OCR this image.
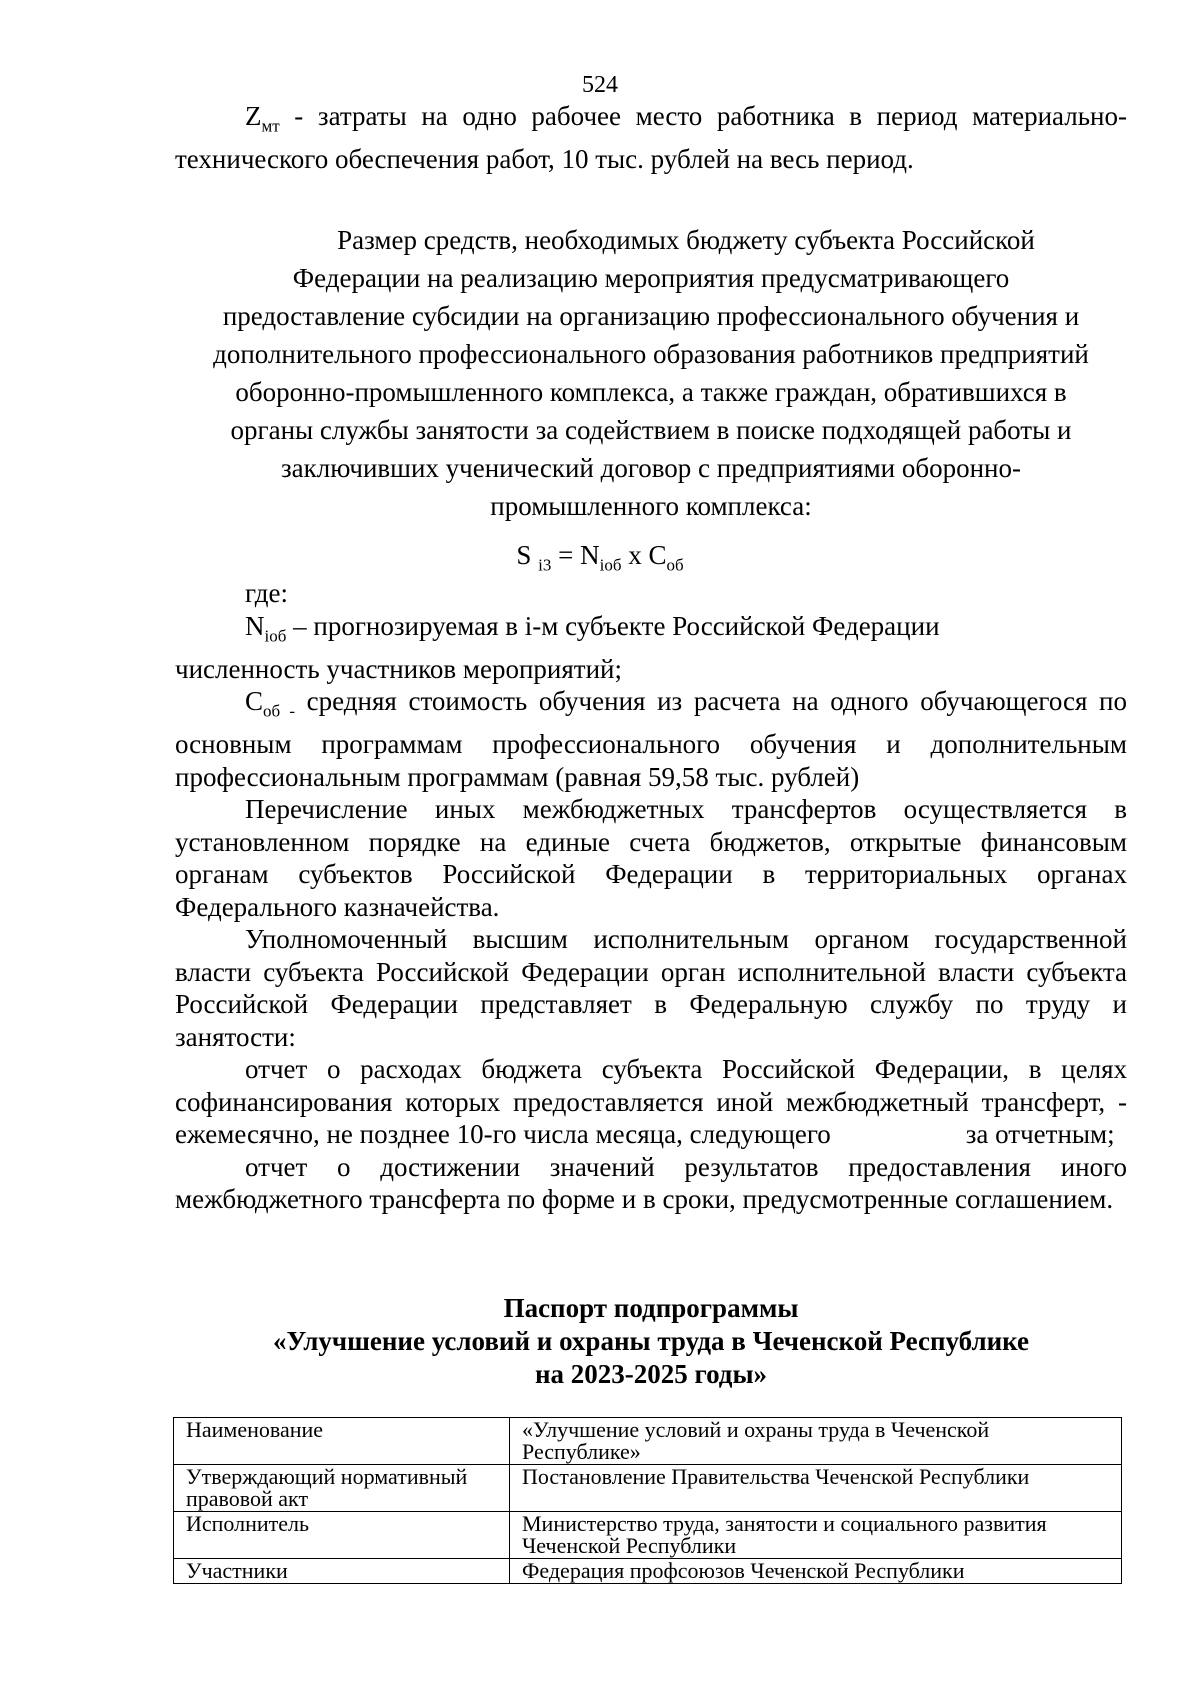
524

$Z_{мт}$ - затраты на одно рабочее место работника в период материально-технического обеспечения работ, 10 тыс. рублей на весь период.

Размер средств, необходимых бюджету субъекта Российской
Федерации на реализацию мероприятия предусматривающего
предоставление субсидии на организацию профессионального обучения и
дополнительного профессионального образования работников предприятий
оборонно-промышленного комплекса, а также граждан, обратившихся в
органы службы занятости за содействием в поиске подходящей работы и
заключивших ученический договор с предприятиями оборонно-
промышленного комплекса:
S $_{i3} = N_{iоб}$ x $C_{об}$
где:

$N_{iоб}$ – прогнозируемая в i-м субъекте Российской Федерации

численность участников мероприятий;

$C_{об -}$ средняя стоимость обучения из расчета на одного обучающегося по основным программам профессионального обучения и дополнительным профессиональным программам (равная 59,58 тыс. рублей)

Перечисление иных межбюджетных трансфертов осуществляется в установленном порядке на единые счета бюджетов, открытые финансовым органам субъектов Российской Федерации в территориальных органах Федерального казначейства.

Уполномоченный высшим исполнительным органом государственной власти субъекта Российской Федерации орган исполнительной власти субъекта Российской Федерации представляет в Федеральную службу по труду и занятости:

отчет о расходах бюджета субъекта Российской Федерации, в целях софинансирования которых предоставляется иной межбюджетный трансферт, - ежемесячно, не позднее 10-го числа месяца, следующего                    за отчетным;

отчет о достижении значений результатов предоставления иного межбюджетного трансферта по форме и в сроки, предусмотренные соглашением.

Паспорт подпрограммы
«Улучшение условий и охраны труда в Чеченской Республике
на 2023-2025 годы»
Наименование	«Улучшение условий и охраны труда в Чеченской Республике»
Утверждающий нормативный правовой акт	Постановление Правительства Чеченской Республики
Исполнитель	Министерство труда, занятости и социального развития Чеченской Республики
Участники	Федерация профсоюзов Чеченской Республики
